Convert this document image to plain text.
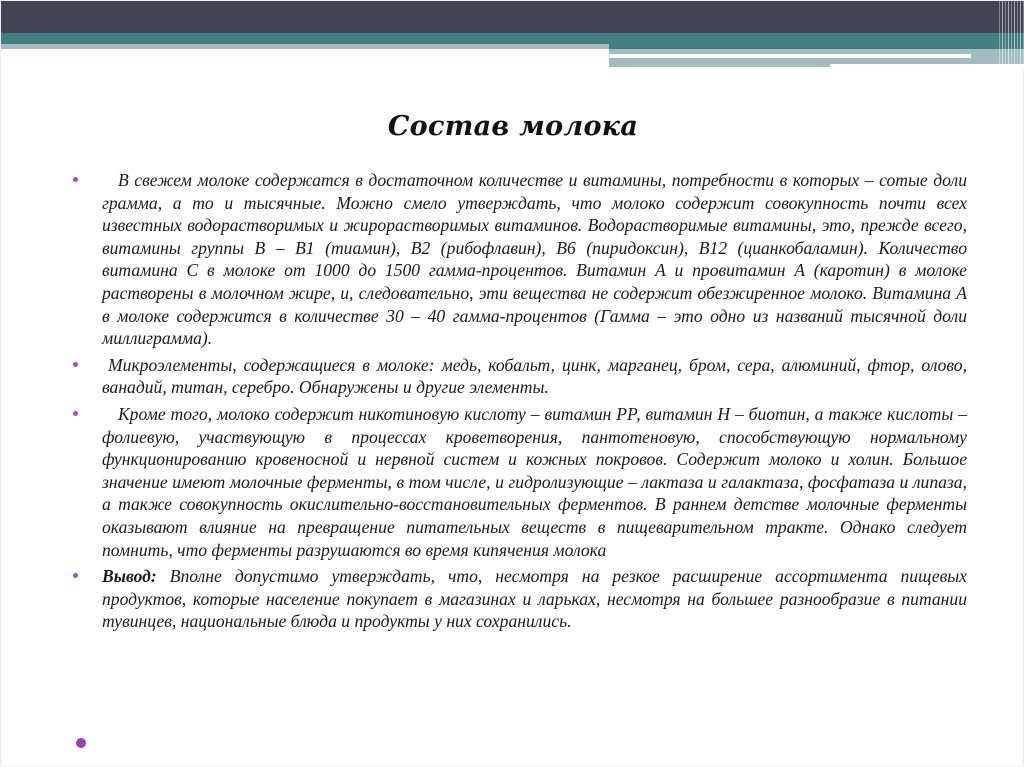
Состав молока
В свежем молоке содержатся в достаточном количестве и витамины, потребности в которых – сотые доли грамма, а то и тысячные. Можно смело утверждать, что молоко содержит совокупность почти всех известных водорастворимых и жирорастворимых витаминов. Водорастворимые витамины, это, прежде всего, витамины группы В – В1 (тиамин), В2 (рибофлавин), В6 (пиридоксин), В12 (цианкобаламин). Количество витамина С в молоке от 1000 до 1500 гамма-процентов. Витамин А и провитамин А (каротин) в молоке растворены в молочном жире, и, следовательно, эти вещества не содержит обезжиренное молоко. Витамина А в молоке содержится в количестве 30 – 40 гамма-процентов (Гамма – это одно из названий тысячной доли миллиграмма).
Микроэлементы, содержащиеся в молоке: медь, кобальт, цинк, марганец, бром, сера, алюминий, фтор, олово, ванадий, титан, серебро. Обнаружены и другие элементы.
Кроме того, молоко содержит никотиновую кислоту – витамин РР, витамин Н – биотин, а также кислоты – фолиевую, участвующую в процессах кроветворения, пантотеновую, способствующую нормальному функционированию кровеносной и нервной систем и кожных покровов. Содержит молоко и холин. Большое значение имеют молочные ферменты, в том числе, и гидролизующие – лактаза и галактаза, фосфатаза и липаза, а также совокупность окислительно-восстановительных ферментов. В раннем детстве молочные ферменты оказывают влияние на превращение питательных веществ в пищеварительном тракте. Однако следует помнить, что ферменты разрушаются во время кипячения молока
Вывод: Вполне допустимо утверждать, что, несмотря на резкое расширение ассортимента пищевых продуктов, которые население покупает в магазинах и ларьках, несмотря на большее разнообразие в питании тувинцев, национальные блюда и продукты у них сохранились.
